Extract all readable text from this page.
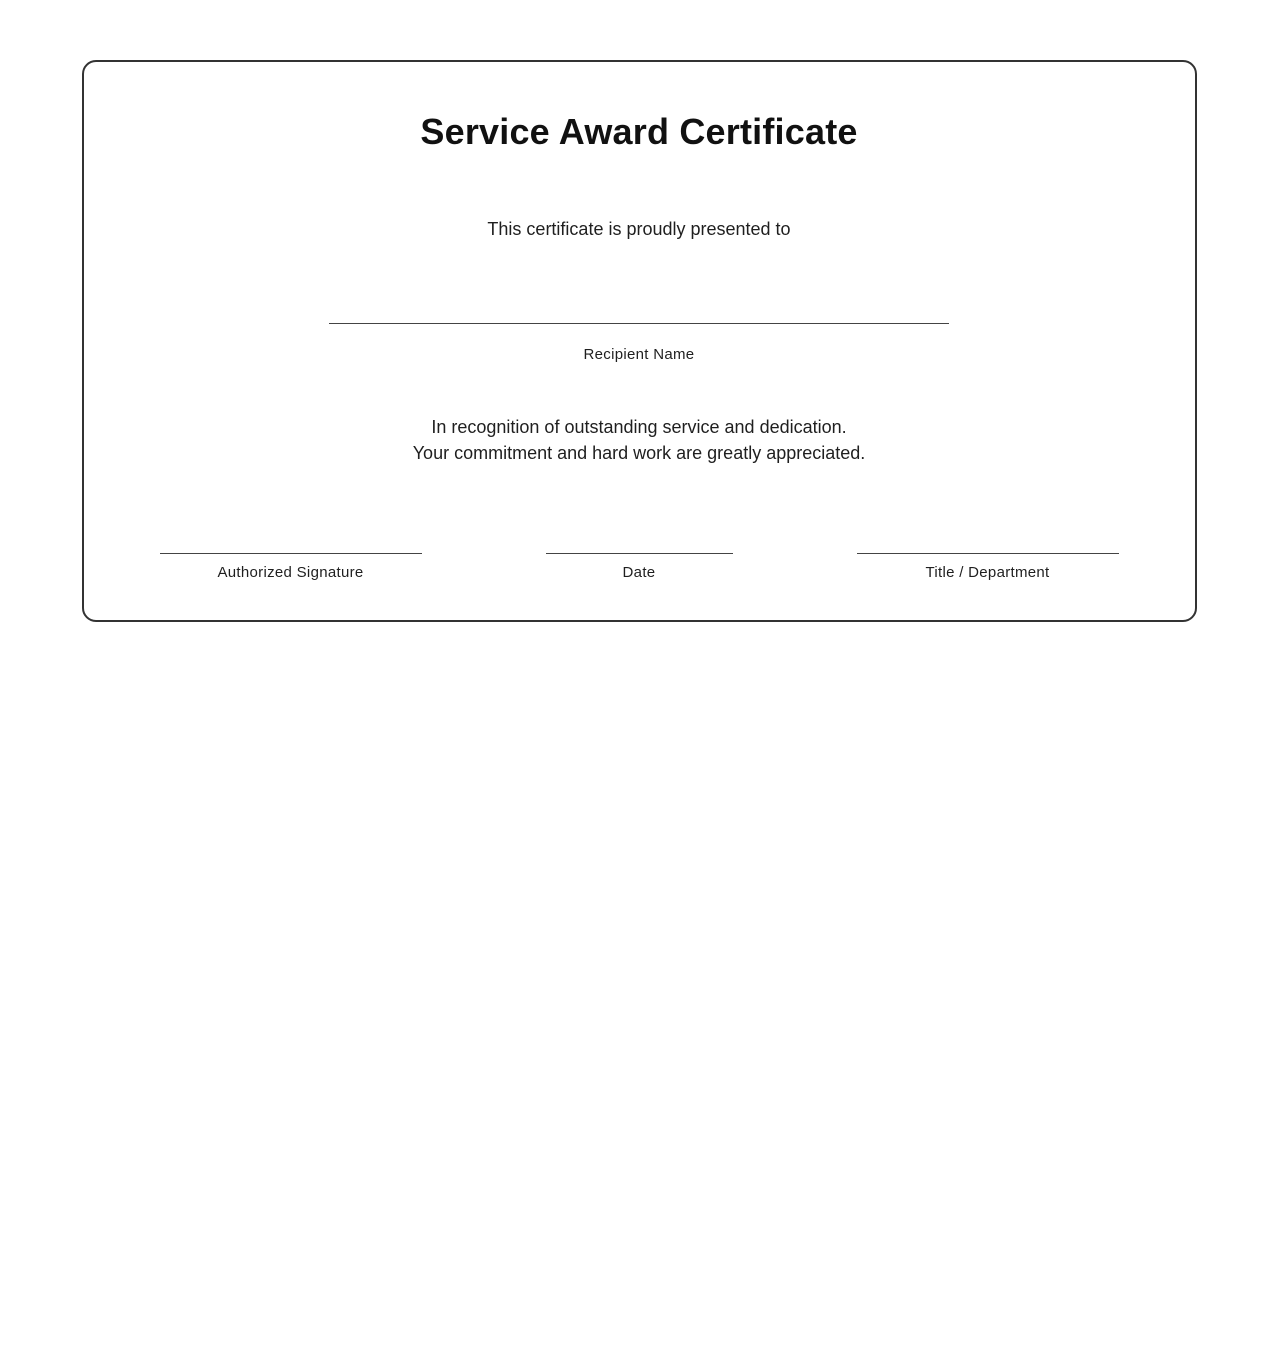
Service Award Certificate
This certificate is proudly presented to
Recipient Name
In recognition of outstanding service and dedication.
Your commitment and hard work are greatly appreciated.
Authorized Signature	Date	Title / Department
